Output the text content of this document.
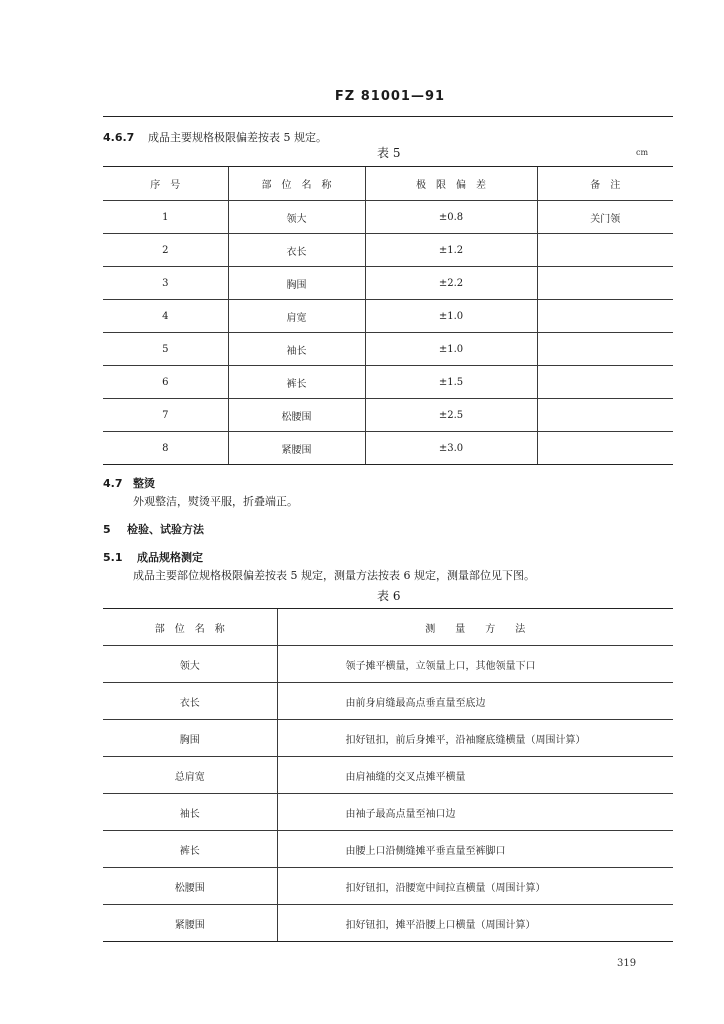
FZ 81001—91
4.6.7 成品主要规格极限偏差按表 5 规定。
表 5	cm
序　号	部　位　名　称	极　限　偏　差	备　注
1	领大	±0.8	关门领
2	衣长	±1.2	
3	胸围	±2.2	
4	肩宽	±1.0	
5	袖长	±1.0	
6	裤长	±1.5	
7	松腰围	±2.5	
8	紧腰围	±3.0	
4.7 整烫
外观整洁，熨烫平服，折叠端正。
5 检验、试验方法
5.1 成品规格测定
成品主要部位规格极限偏差按表 5 规定，测量方法按表 6 规定，测量部位见下图。
表 6
部　位　名　称	测　　量　　方　　法
领大	领子摊平横量，立领量上口，其他领量下口
衣长	由前身肩缝最高点垂直量至底边
胸围	扣好钮扣，前后身摊平，沿袖窿底缝横量（周围计算）
总肩宽	由肩袖缝的交叉点摊平横量
袖长	由袖子最高点量至袖口边
裤长	由腰上口沿侧缝摊平垂直量至裤脚口
松腰围	扣好钮扣，沿腰宽中间拉直横量（周围计算）
紧腰围	扣好钮扣，摊平沿腰上口横量（周围计算）
319
